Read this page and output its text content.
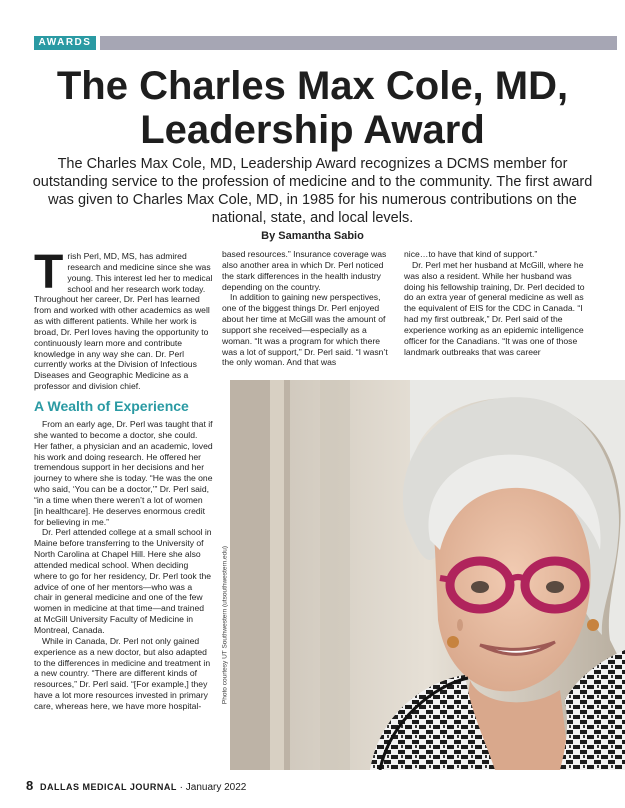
AWARDS
The Charles Max Cole, MD, Leadership Award

The Charles Max Cole, MD, Leadership Award recognizes a DCMS member for outstanding service to the profession of medicine and to the community. The first award was given to Charles Max Cole, MD, in 1985 for his numerous contributions on the national, state, and local levels.

By Samantha Sabio

Trish Perl, MD, MS, has admired research and medicine since she was young. This interest led her to medical school and her research work today. Throughout her career, Dr. Perl has learned from and worked with other academics as well as with different patients. While her work is broad, Dr. Perl loves having the opportunity to continuously learn more and contribute knowledge in any way she can. Dr. Perl currently works at the Division of Infectious Diseases and Geographic Medicine as a professor and division chief.

A Wealth of Experience

From an early age, Dr. Perl was taught that if she wanted to become a doctor, she could. Her father, a physician and an academic, loved his work and doing research. He offered her tremendous support in her decisions and her journey to where she is today. “He was the one who said, ‘You can be a doctor,’” Dr. Perl said, “in a time when there weren’t a lot of women [in healthcare]. He deserves enormous credit for believing in me.”

Dr. Perl attended college at a small school in Maine before transferring to the University of North Carolina at Chapel Hill. Here she also attended medical school. When deciding where to go for her residency, Dr. Perl took the advice of one of her mentors—who was a chair in general medicine and one of the few women in medicine at that time—and trained at McGill University Faculty of Medicine in Montreal, Canada.

While in Canada, Dr. Perl not only gained experience as a new doctor, but also adapted to the differences in medicine and treatment in a new country. “There are different kinds of resources,” Dr. Perl said. “[For example,] they have a lot more resources invested in primary care, whereas here, we have more hospital-

based resources.” Insurance coverage was also another area in which Dr. Perl noticed the stark differences in the health industry depending on the country.

In addition to gaining new perspectives, one of the biggest things Dr. Perl enjoyed about her time at McGill was the amount of support she received—especially as a woman. “It was a program for which there was a lot of support,” Dr. Perl said. “I wasn’t the only woman. And that was

nice…to have that kind of support.”

Dr. Perl met her husband at McGill, where he was also a resident. While her husband was doing his fellowship training, Dr. Perl decided to do an extra year of general medicine as well as the equivalent of EIS for the CDC in Canada. “I had my first outbreak,” Dr. Perl said of the experience working as an epidemic intelligence officer for the Canadians. “It was one of those landmark outbreaks that was career

Photo courtesy UT Southwestern (utsouthwestern.edu)
8 DALLAS MEDICAL JOURNAL · January 2022
